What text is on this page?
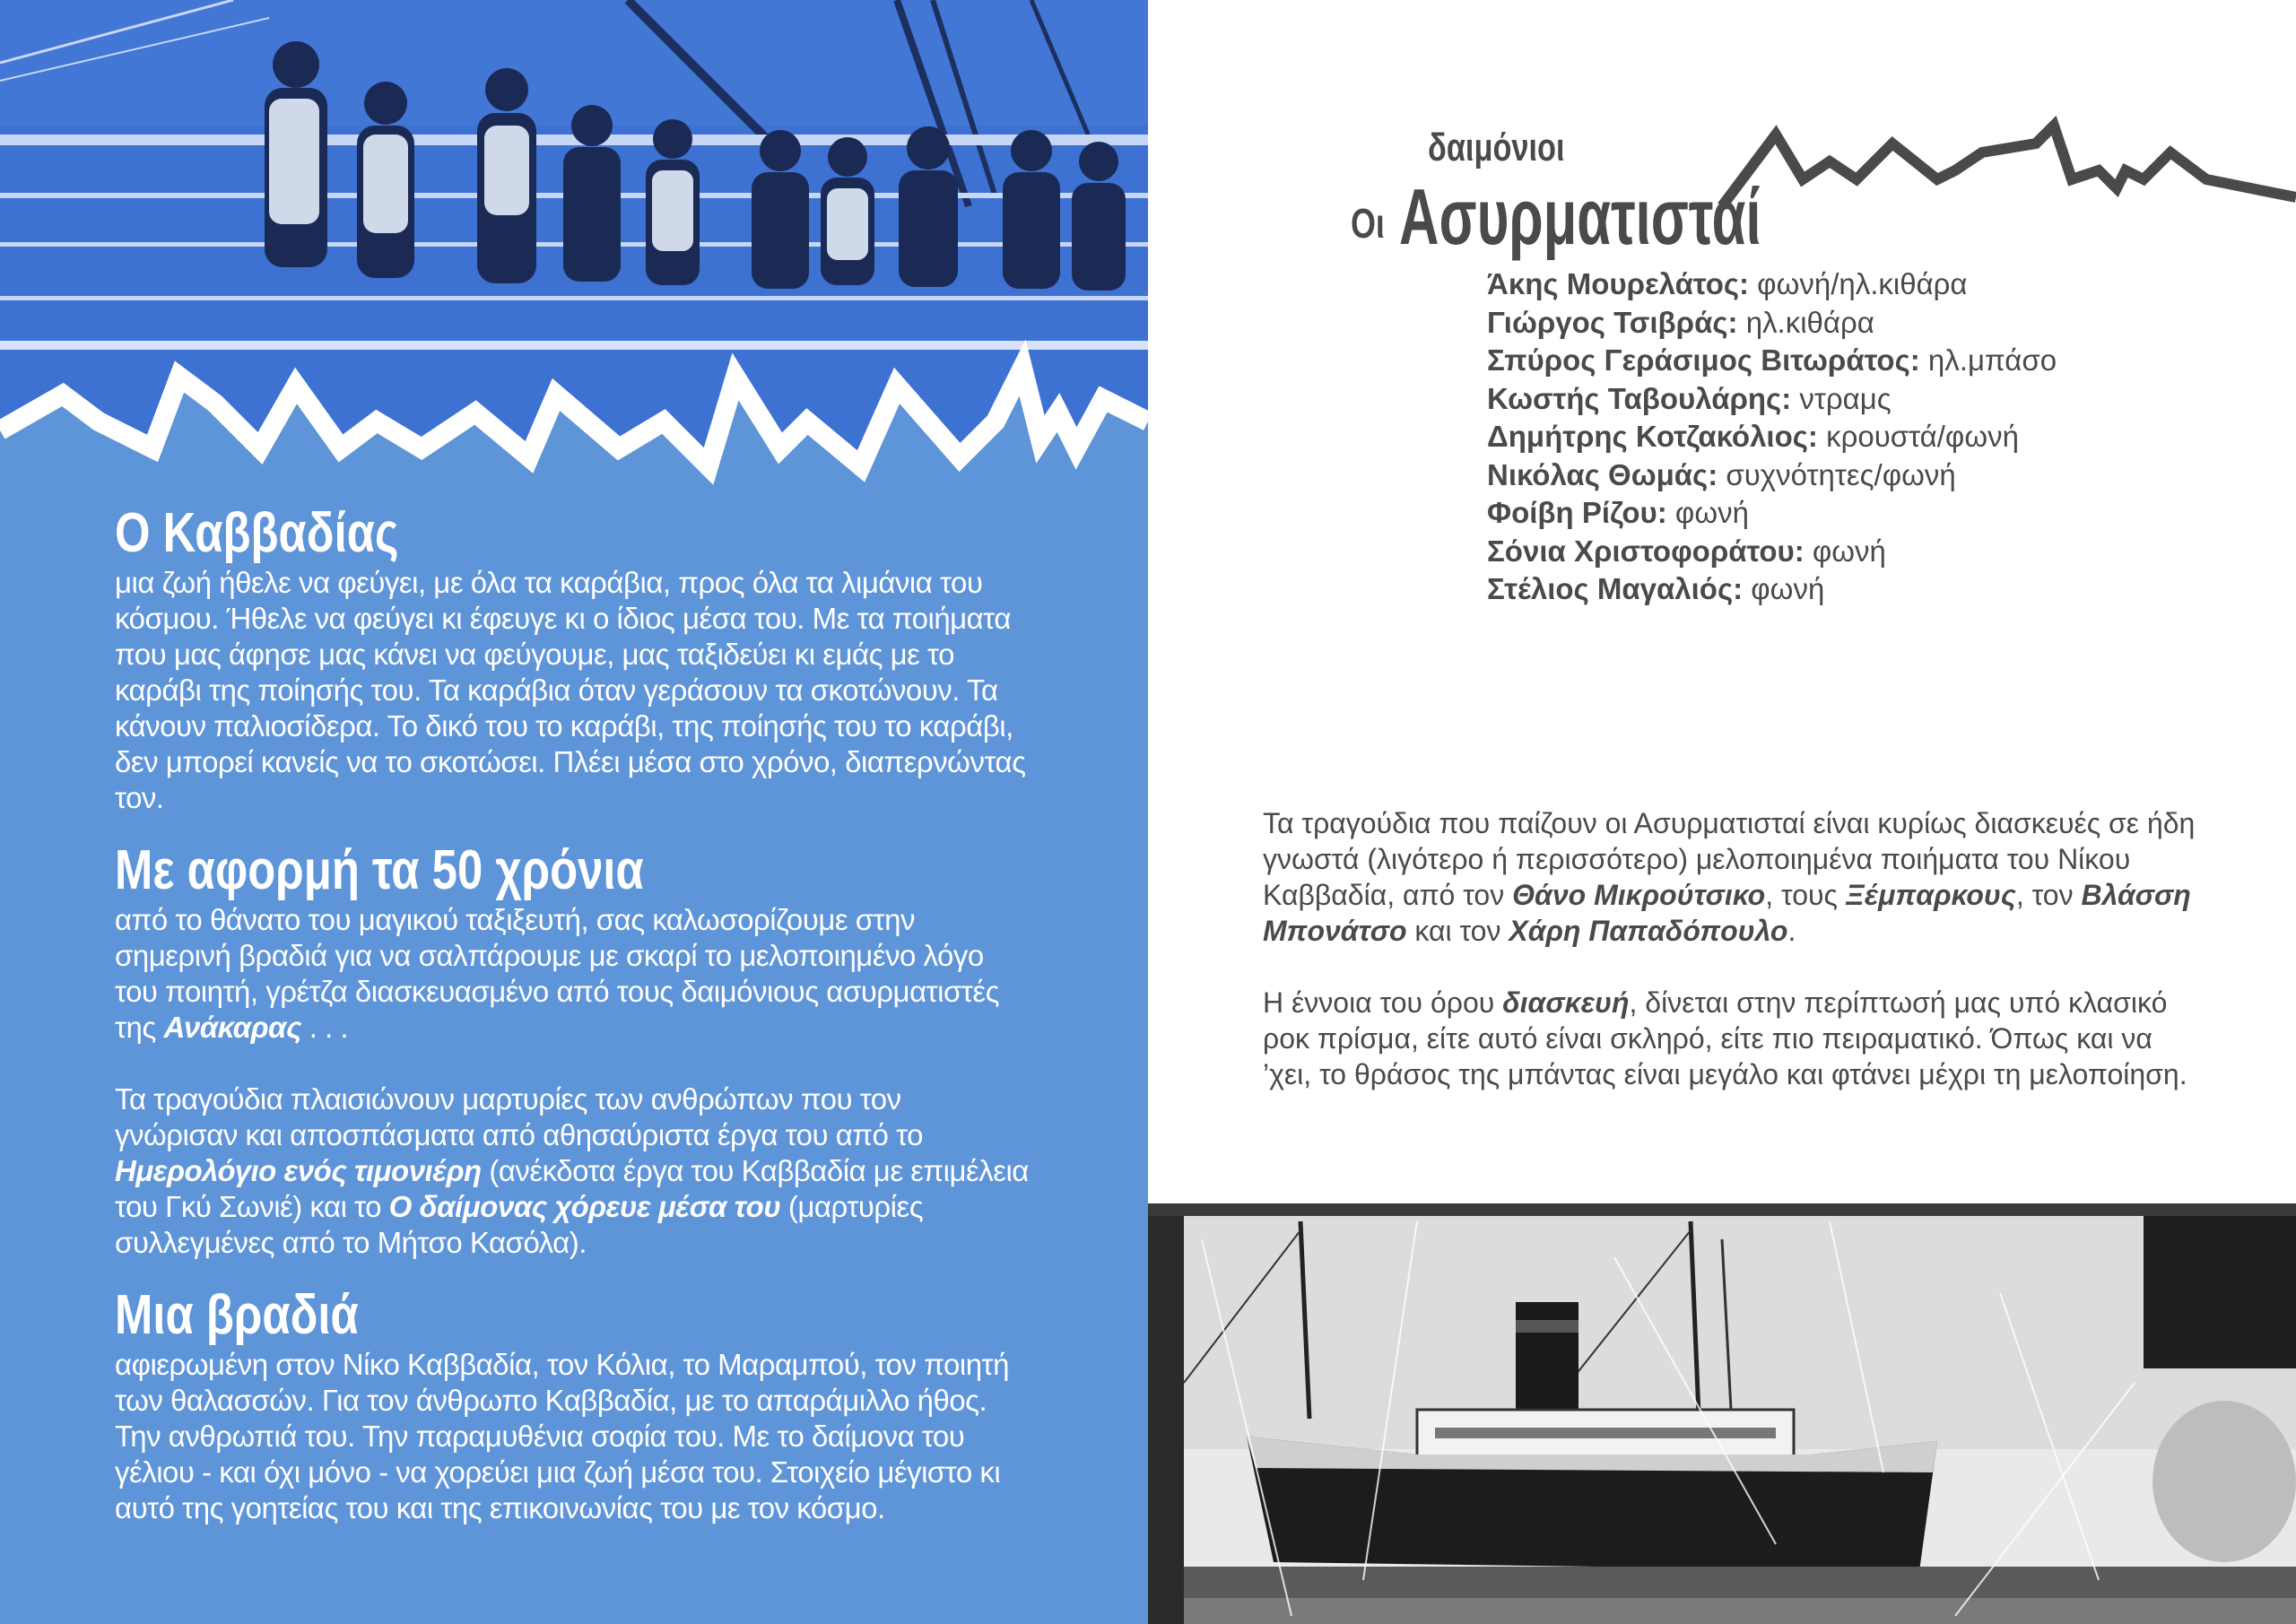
Ο Καββαδίας

μια ζωή ήθελε να φεύγει, με όλα τα καράβια, προς όλα τα λιμάνια του κόσμου. Ήθελε να φεύγει κι έφευγε κι ο ίδιος μέσα του. Με τα ποιήματα που μας άφησε μας κάνει να φεύγουμε, μας ταξιδεύει κι εμάς με το καράβι της ποίησής του. Τα καράβια όταν γεράσουν τα σκοτώνουν. Τα κάνουν παλιοσίδερα. Το δικό του το καράβι, της ποίησής του το καράβι, δεν μπορεί κανείς να το σκοτώσει. Πλέει μέσα στο χρόνο, διαπερνώντας τον.

Με αφορμή τα 50 χρόνια

από το θάνατο του μαγικού ταξιξευτή, σας καλωσορίζουμε στην σημερινή βραδιά για να σαλπάρουμε με σκαρί το μελοποιημένο λόγο του ποιητή, γρέτζα διασκευασμένο από τους δαιμόνιους ασυρματιστές της Ανάκαρας . . .

Τα τραγούδια πλαισιώνουν μαρτυρίες των ανθρώπων που τον γνώρισαν και αποσπάσματα από αθησαύριστα έργα του από το Ημερολόγιο ενός τιμονιέρη (ανέκδοτα έργα του Καββαδία με επιμέλεια του Γκύ Σωνιέ) και το Ο δαίμονας χόρευε μέσα του (μαρτυρίες συλλεγμένες από το Μήτσο Κασόλα).

Μια βραδιά

αφιερωμένη στον Νίκο Καββαδία, τον Κόλια, το Μαραμπού, τον ποιητή των θαλασσών. Για τον άνθρωπο Καββαδία, με το απαράμιλλο ήθος. Την ανθρωπιά του. Την παραμυθένια σοφία του. Με το δαίμονα του γέλιου - και όχι μόνο - να χορεύει μια ζωή μέσα του. Στοιχείο μέγιστο κι αυτό της γοητείας του και της επικοινωνίας του με τον κόσμο.

δαιμόνιοι
Οι Ασυρματισταί
Άκης Μουρελάτος: φωνή/ηλ.κιθάρα
Γιώργος Τσιβράς: ηλ.κιθάρα
Σπύρος Γεράσιμος Βιτωράτος: ηλ.μπάσο
Κωστής Ταβουλάρης: ντραμς
Δημήτρης Κοτζακόλιος: κρουστά/φωνή
Νικόλας Θωμάς: συχνότητες/φωνή
Φοίβη Ρίζου: φωνή
Σόνια Χριστοφοράτου: φωνή
Στέλιος Μαγαλιός: φωνή

Τα τραγούδια που παίζουν οι Ασυρματισταί είναι κυρίως διασκευές σε ήδη γνωστά (λιγότερο ή περισσότερο) μελοποιημένα ποιήματα του Νίκου Καββαδία, από τον Θάνο Μικρούτσικο, τους Ξέμπαρκους, τον Βλάσση Μπονάτσο και τον Χάρη Παπαδόπουλο.

Η έννοια του όρου διασκευή, δίνεται στην περίπτωσή μας υπό κλασικό ροκ πρίσμα, είτε αυτό είναι σκληρό, είτε πιο πειραματικό. Όπως και να ’χει, το θράσος της μπάντας είναι μεγάλο και φτάνει μέχρι τη μελοποίηση.
